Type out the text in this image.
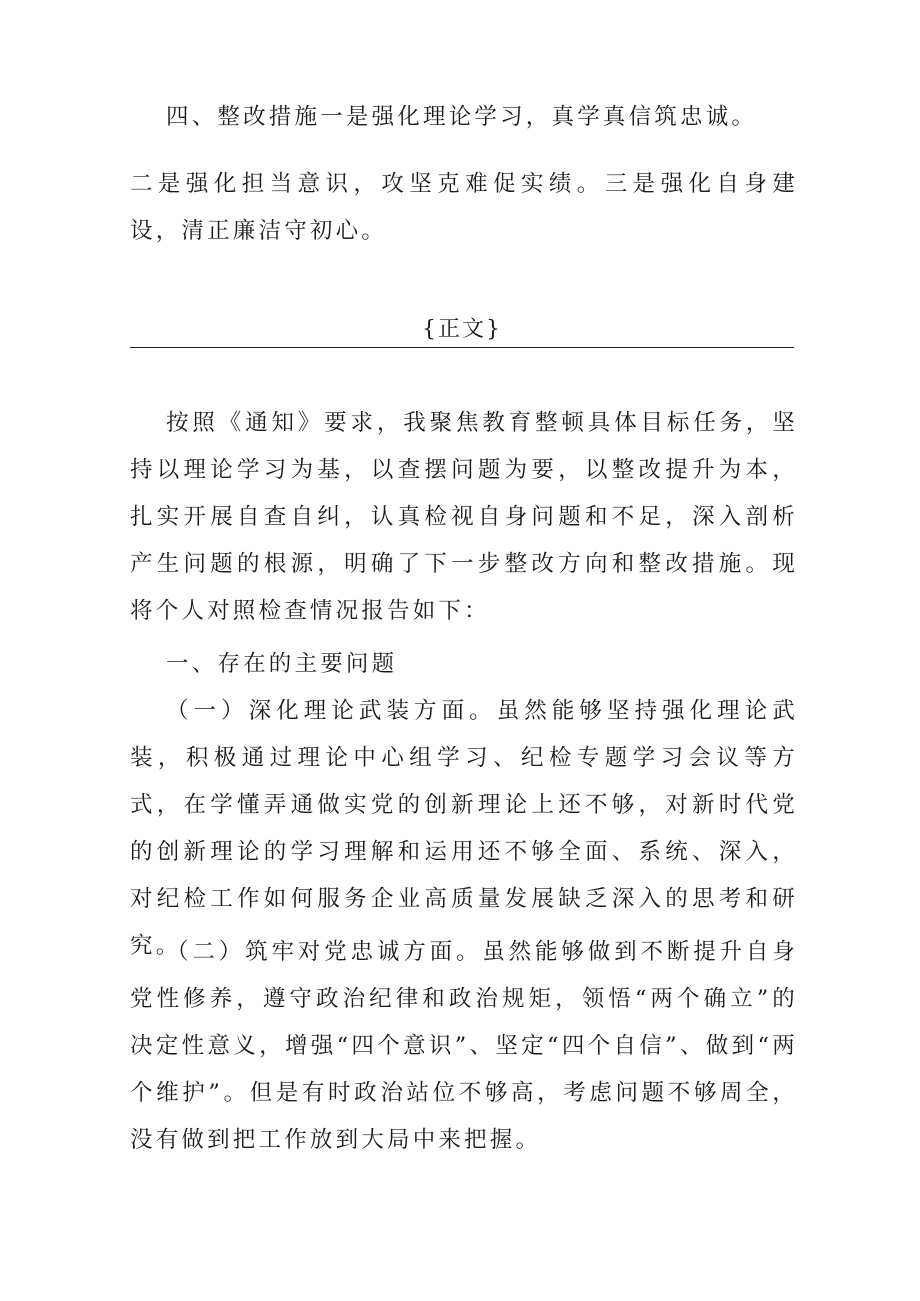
四、整改措施一是强化理论学习，真学真信筑忠诚。

二是强化担当意识，攻坚克难促实绩。三是强化自身建设，清正廉洁守初心。

{正文}

按照《通知》要求，我聚焦教育整顿具体目标任务，坚持以理论学习为基，以查摆问题为要，以整改提升为本，扎实开展自查自纠，认真检视自身问题和不足，深入剖析产生问题的根源，明确了下一步整改方向和整改措施。现将个人对照检查情况报告如下：

一、存在的主要问题

（一）深化理论武装方面。虽然能够坚持强化理论武装，积极通过理论中心组学习、纪检专题学习会议等方式，在学懂弄通做实党的创新理论上还不够，对新时代党的创新理论的学习理解和运用还不够全面、系统、深入，对纪检工作如何服务企业高质量发展缺乏深入的思考和研究。

（二）筑牢对党忠诚方面。虽然能够做到不断提升自身党性修养，遵守政治纪律和政治规矩，领悟“两个确立”的决定性意义，增强“四个意识”、坚定“四个自信”、做到“两个维护”。但是有时政治站位不够高，考虑问题不够周全，没有做到把工作放到大局中来把握。
